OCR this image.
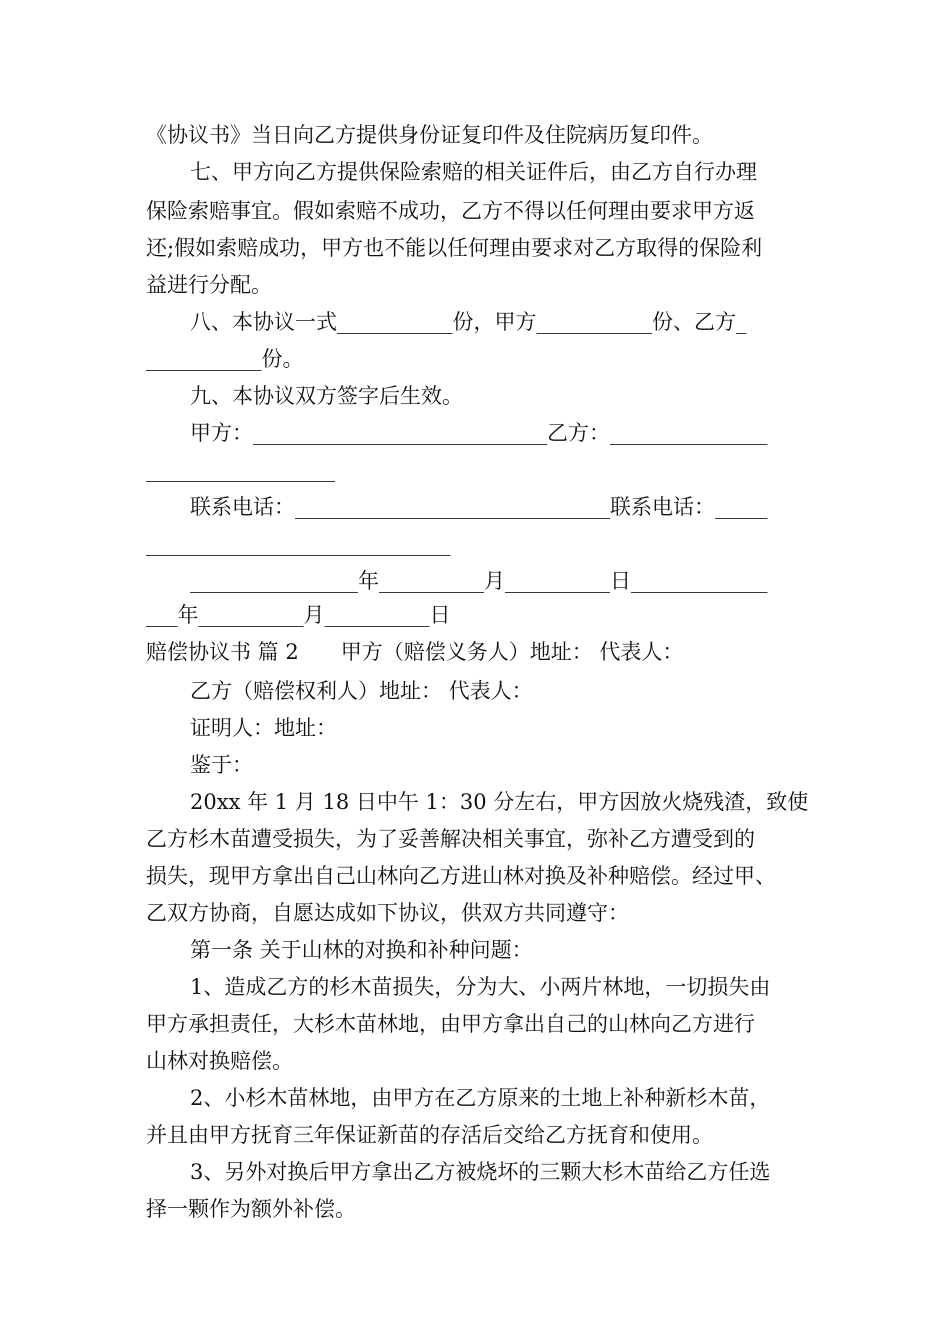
《协议书》当日向乙方提供身份证复印件及住院病历复印件。
七、甲方向乙方提供保险索赔的相关证件后，由乙方自行办理
保险索赔事宜。假如索赔不成功，乙方不得以任何理由要求甲方返
还;假如索赔成功，甲方也不能以任何理由要求对乙方取得的保险利
益进行分配。
八、本协议一式___________份，甲方___________份、乙方_
___________份。
九、本协议双方签字后生效。
甲方：____________________________乙方：_______________
__________________
联系电话：______________________________联系电话：_____
_____________________________
________________年__________月__________日_____________
___年__________月__________日
赔偿协议书 篇 2　　甲方（赔偿义务人）地址： 代表人：
乙方（赔偿权利人）地址： 代表人：
证明人：地址：
鉴于：
20xx 年 1 月 18 日中午 1：30 分左右，甲方因放火烧残渣，致使
乙方杉木苗遭受损失，为了妥善解决相关事宜，弥补乙方遭受到的
损失，现甲方拿出自己山林向乙方进山林对换及补种赔偿。经过甲、
乙双方协商，自愿达成如下协议，供双方共同遵守：
第一条 关于山林的对换和补种问题：
1、造成乙方的杉木苗损失，分为大、小两片林地，一切损失由
甲方承担责任，大杉木苗林地，由甲方拿出自己的山林向乙方进行
山林对换赔偿。
2、小杉木苗林地，由甲方在乙方原来的土地上补种新杉木苗，
并且由甲方抚育三年保证新苗的存活后交给乙方抚育和使用。
3、另外对换后甲方拿出乙方被烧坏的三颗大杉木苗给乙方任选
择一颗作为额外补偿。
